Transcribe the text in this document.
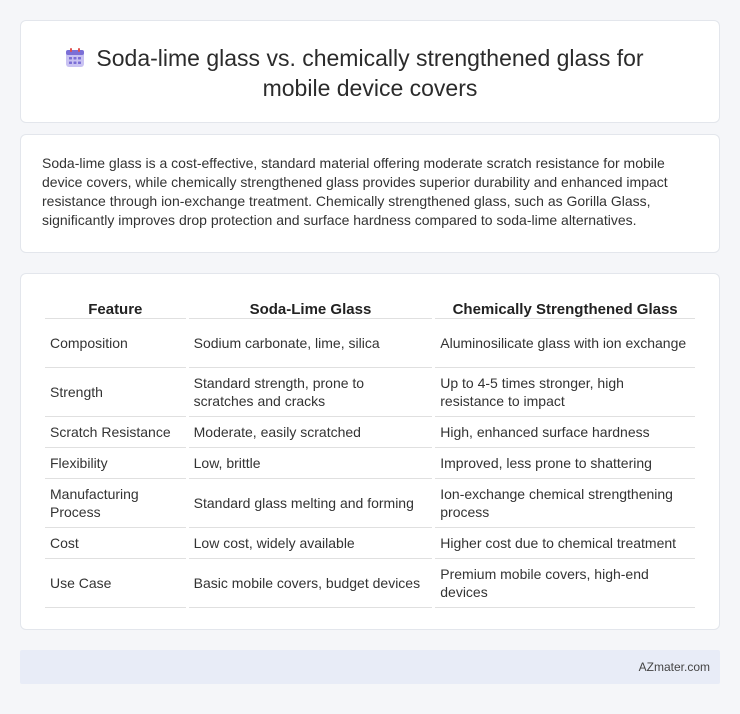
Soda-lime glass vs. chemically strengthened glass for
mobile device covers

Soda-lime glass is a cost-effective, standard material offering moderate scratch resistance for mobile device covers, while chemically strengthened glass provides superior durability and enhanced impact resistance through ion-exchange treatment. Chemically strengthened glass, such as Gorilla Glass, significantly improves drop protection and surface hardness compared to soda-lime alternatives.

Feature	Soda-Lime Glass	Chemically Strengthened Glass
Composition	Sodium carbonate, lime, silica	Aluminosilicate glass with ion exchange
Strength	Standard strength, prone to scratches and cracks	Up to 4-5 times stronger, high resistance to impact
Scratch Resistance	Moderate, easily scratched	High, enhanced surface hardness
Flexibility	Low, brittle	Improved, less prone to shattering
Manufacturing Process	Standard glass melting and forming	Ion-exchange chemical strengthening process
Cost	Low cost, widely available	Higher cost due to chemical treatment
Use Case	Basic mobile covers, budget devices	Premium mobile covers, high-end devices
AZmater.com
